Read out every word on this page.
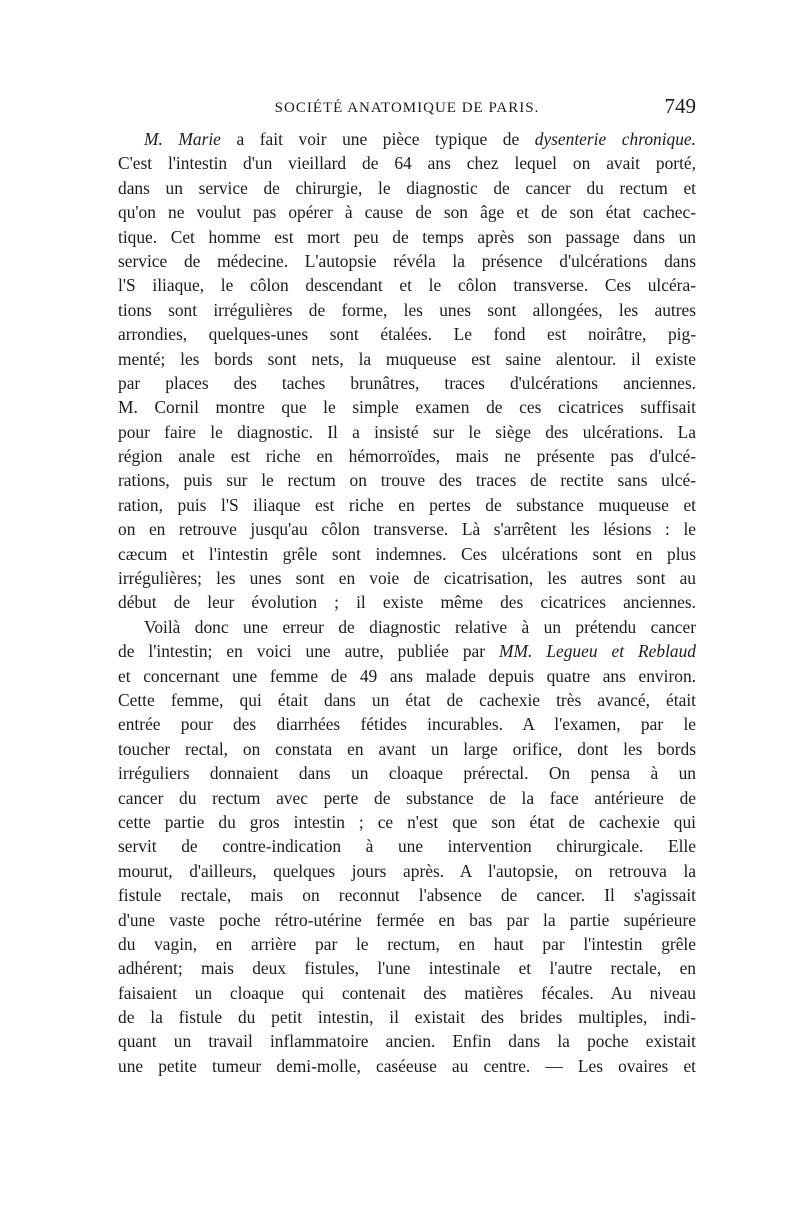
SOCIÉTÉ ANATOMIQUE DE PARIS.	749
M. Marie a fait voir une pièce typique de dysenterie chronique.
C'est l'intestin d'un vieillard de 64 ans chez lequel on avait porté,
dans un service de chirurgie, le diagnostic de cancer du rectum et
qu'on ne voulut pas opérer à cause de son âge et de son état cachec-
tique. Cet homme est mort peu de temps après son passage dans un
service de médecine. L'autopsie révéla la présence d'ulcérations dans
l'S iliaque, le côlon descendant et le côlon transverse. Ces ulcéra-
tions sont irrégulières de forme, les unes sont allongées, les autres
arrondies, quelques-unes sont étalées. Le fond est noirâtre, pig-
menté; les bords sont nets, la muqueuse est saine alentour. il existe
par places des taches brunâtres, traces d'ulcérations anciennes.
M. Cornil montre que le simple examen de ces cicatrices suffisait
pour faire le diagnostic. Il a insisté sur le siège des ulcérations. La
région anale est riche en hémorroïdes, mais ne présente pas d'ulcé-
rations, puis sur le rectum on trouve des traces de rectite sans ulcé-
ration, puis l'S iliaque est riche en pertes de substance muqueuse et
on en retrouve jusqu'au côlon transverse. Là s'arrêtent les lésions : le
cæcum et l'intestin grêle sont indemnes. Ces ulcérations sont en plus
irrégulières; les unes sont en voie de cicatrisation, les autres sont au
début de leur évolution ; il existe même des cicatrices anciennes.
Voilà donc une erreur de diagnostic relative à un prétendu cancer
de l'intestin; en voici une autre, publiée par MM. Legueu et Reblaud
et concernant une femme de 49 ans malade depuis quatre ans environ.
Cette femme, qui était dans un état de cachexie très avancé, était
entrée pour des diarrhées fétides incurables. A l'examen, par le
toucher rectal, on constata en avant un large orifice, dont les bords
irréguliers donnaient dans un cloaque prérectal. On pensa à un
cancer du rectum avec perte de substance de la face antérieure de
cette partie du gros intestin ; ce n'est que son état de cachexie qui
servit de contre-indication à une intervention chirurgicale. Elle
mourut, d'ailleurs, quelques jours après. A l'autopsie, on retrouva la
fistule rectale, mais on reconnut l'absence de cancer. Il s'agissait
d'une vaste poche rétro-utérine fermée en bas par la partie supérieure
du vagin, en arrière par le rectum, en haut par l'intestin grêle
adhérent; mais deux fistules, l'une intestinale et l'autre rectale, en
faisaient un cloaque qui contenait des matières fécales. Au niveau
de la fistule du petit intestin, il existait des brides multiples, indi-
quant un travail inflammatoire ancien. Enfin dans la poche existait
une petite tumeur demi-molle, caséeuse au centre. — Les ovaires et
